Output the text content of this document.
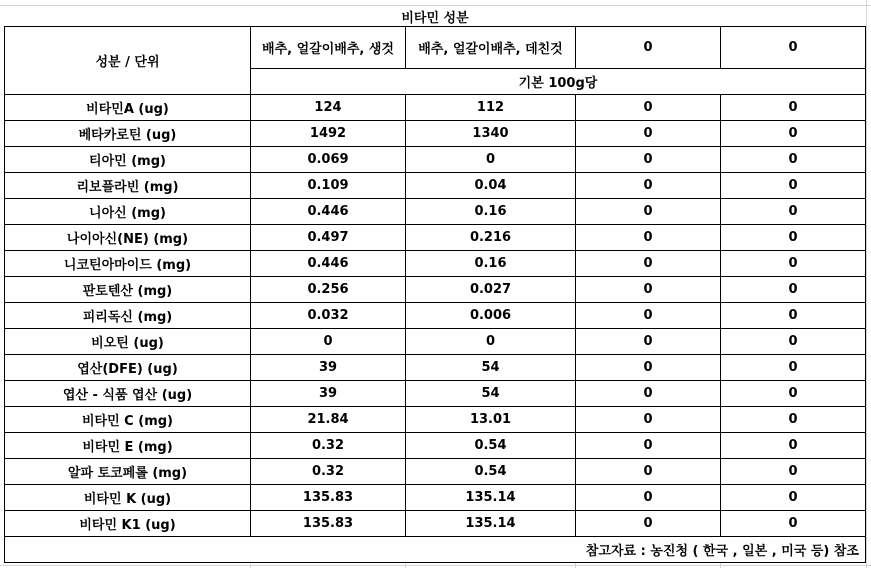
비타민 성분				
성분 / 단위	배추, 얼갈이배추, 생것	배추, 얼갈이배추, 데친것	0	0
	기본 100g당			
비타민A (ug)	124	112	0	0
베타카로틴 (ug)	1492	1340	0	0
티아민 (mg)	0.069	0	0	0
리보플라빈 (mg)	0.109	0.04	0	0
니아신 (mg)	0.446	0.16	0	0
나이아신(NE) (mg)	0.497	0.216	0	0
니코틴아마이드 (mg)	0.446	0.16	0	0
판토텐산 (mg)	0.256	0.027	0	0
피리독신 (mg)	0.032	0.006	0	0
비오틴 (ug)	0	0	0	0
엽산(DFE) (ug)	39	54	0	0
엽산 - 식품 엽산 (ug)	39	54	0	0
비타민 C (mg)	21.84	13.01	0	0
비타민 E (mg)	0.32	0.54	0	0
알파 토코페롤 (mg)	0.32	0.54	0	0
비타민 K (ug)	135.83	135.14	0	0
비타민 K1 (ug)	135.83	135.14	0	0
참고자료 : 농진청 ( 한국 , 일본 , 미국 등) 참조				
